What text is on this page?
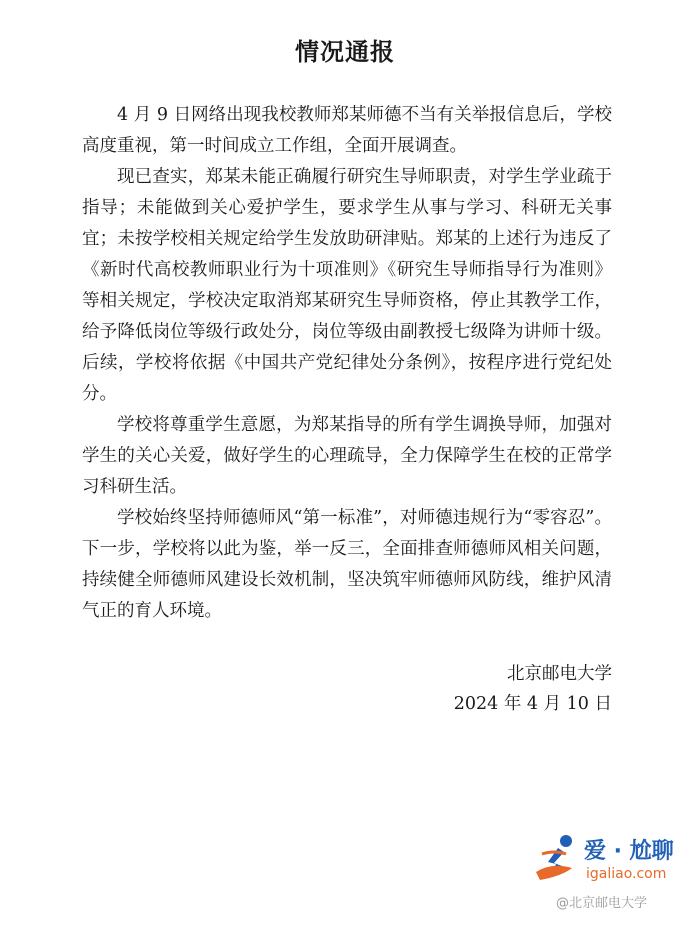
情况通报

4 月 9 日网络出现我校教师郑某师德不当有关举报信息后，学校高度重视，第一时间成立工作组，全面开展调查。

现已查实，郑某未能正确履行研究生导师职责，对学生学业疏于指导；未能做到关心爱护学生，要求学生从事与学习、科研无关事宜；未按学校相关规定给学生发放助研津贴。郑某的上述行为违反了《新时代高校教师职业行为十项准则》《研究生导师指导行为准则》等相关规定，学校决定取消郑某研究生导师资格，停止其教学工作，给予降低岗位等级行政处分，岗位等级由副教授七级降为讲师十级。后续，学校将依据《中国共产党纪律处分条例》，按程序进行党纪处分。

学校将尊重学生意愿，为郑某指导的所有学生调换导师，加强对学生的关心关爱，做好学生的心理疏导，全力保障学生在校的正常学习科研生活。

学校始终坚持师德师风“第一标准”，对师德违规行为“零容忍”。下一步，学校将以此为鉴，举一反三，全面排查师德师风相关问题，持续健全师德师风建设长效机制，坚决筑牢师德师风防线，维护风清气正的育人环境。

北京邮电大学
2024 年 4 月 10 日
爱 · 尬聊
igaliao.com
@北京邮电大学
